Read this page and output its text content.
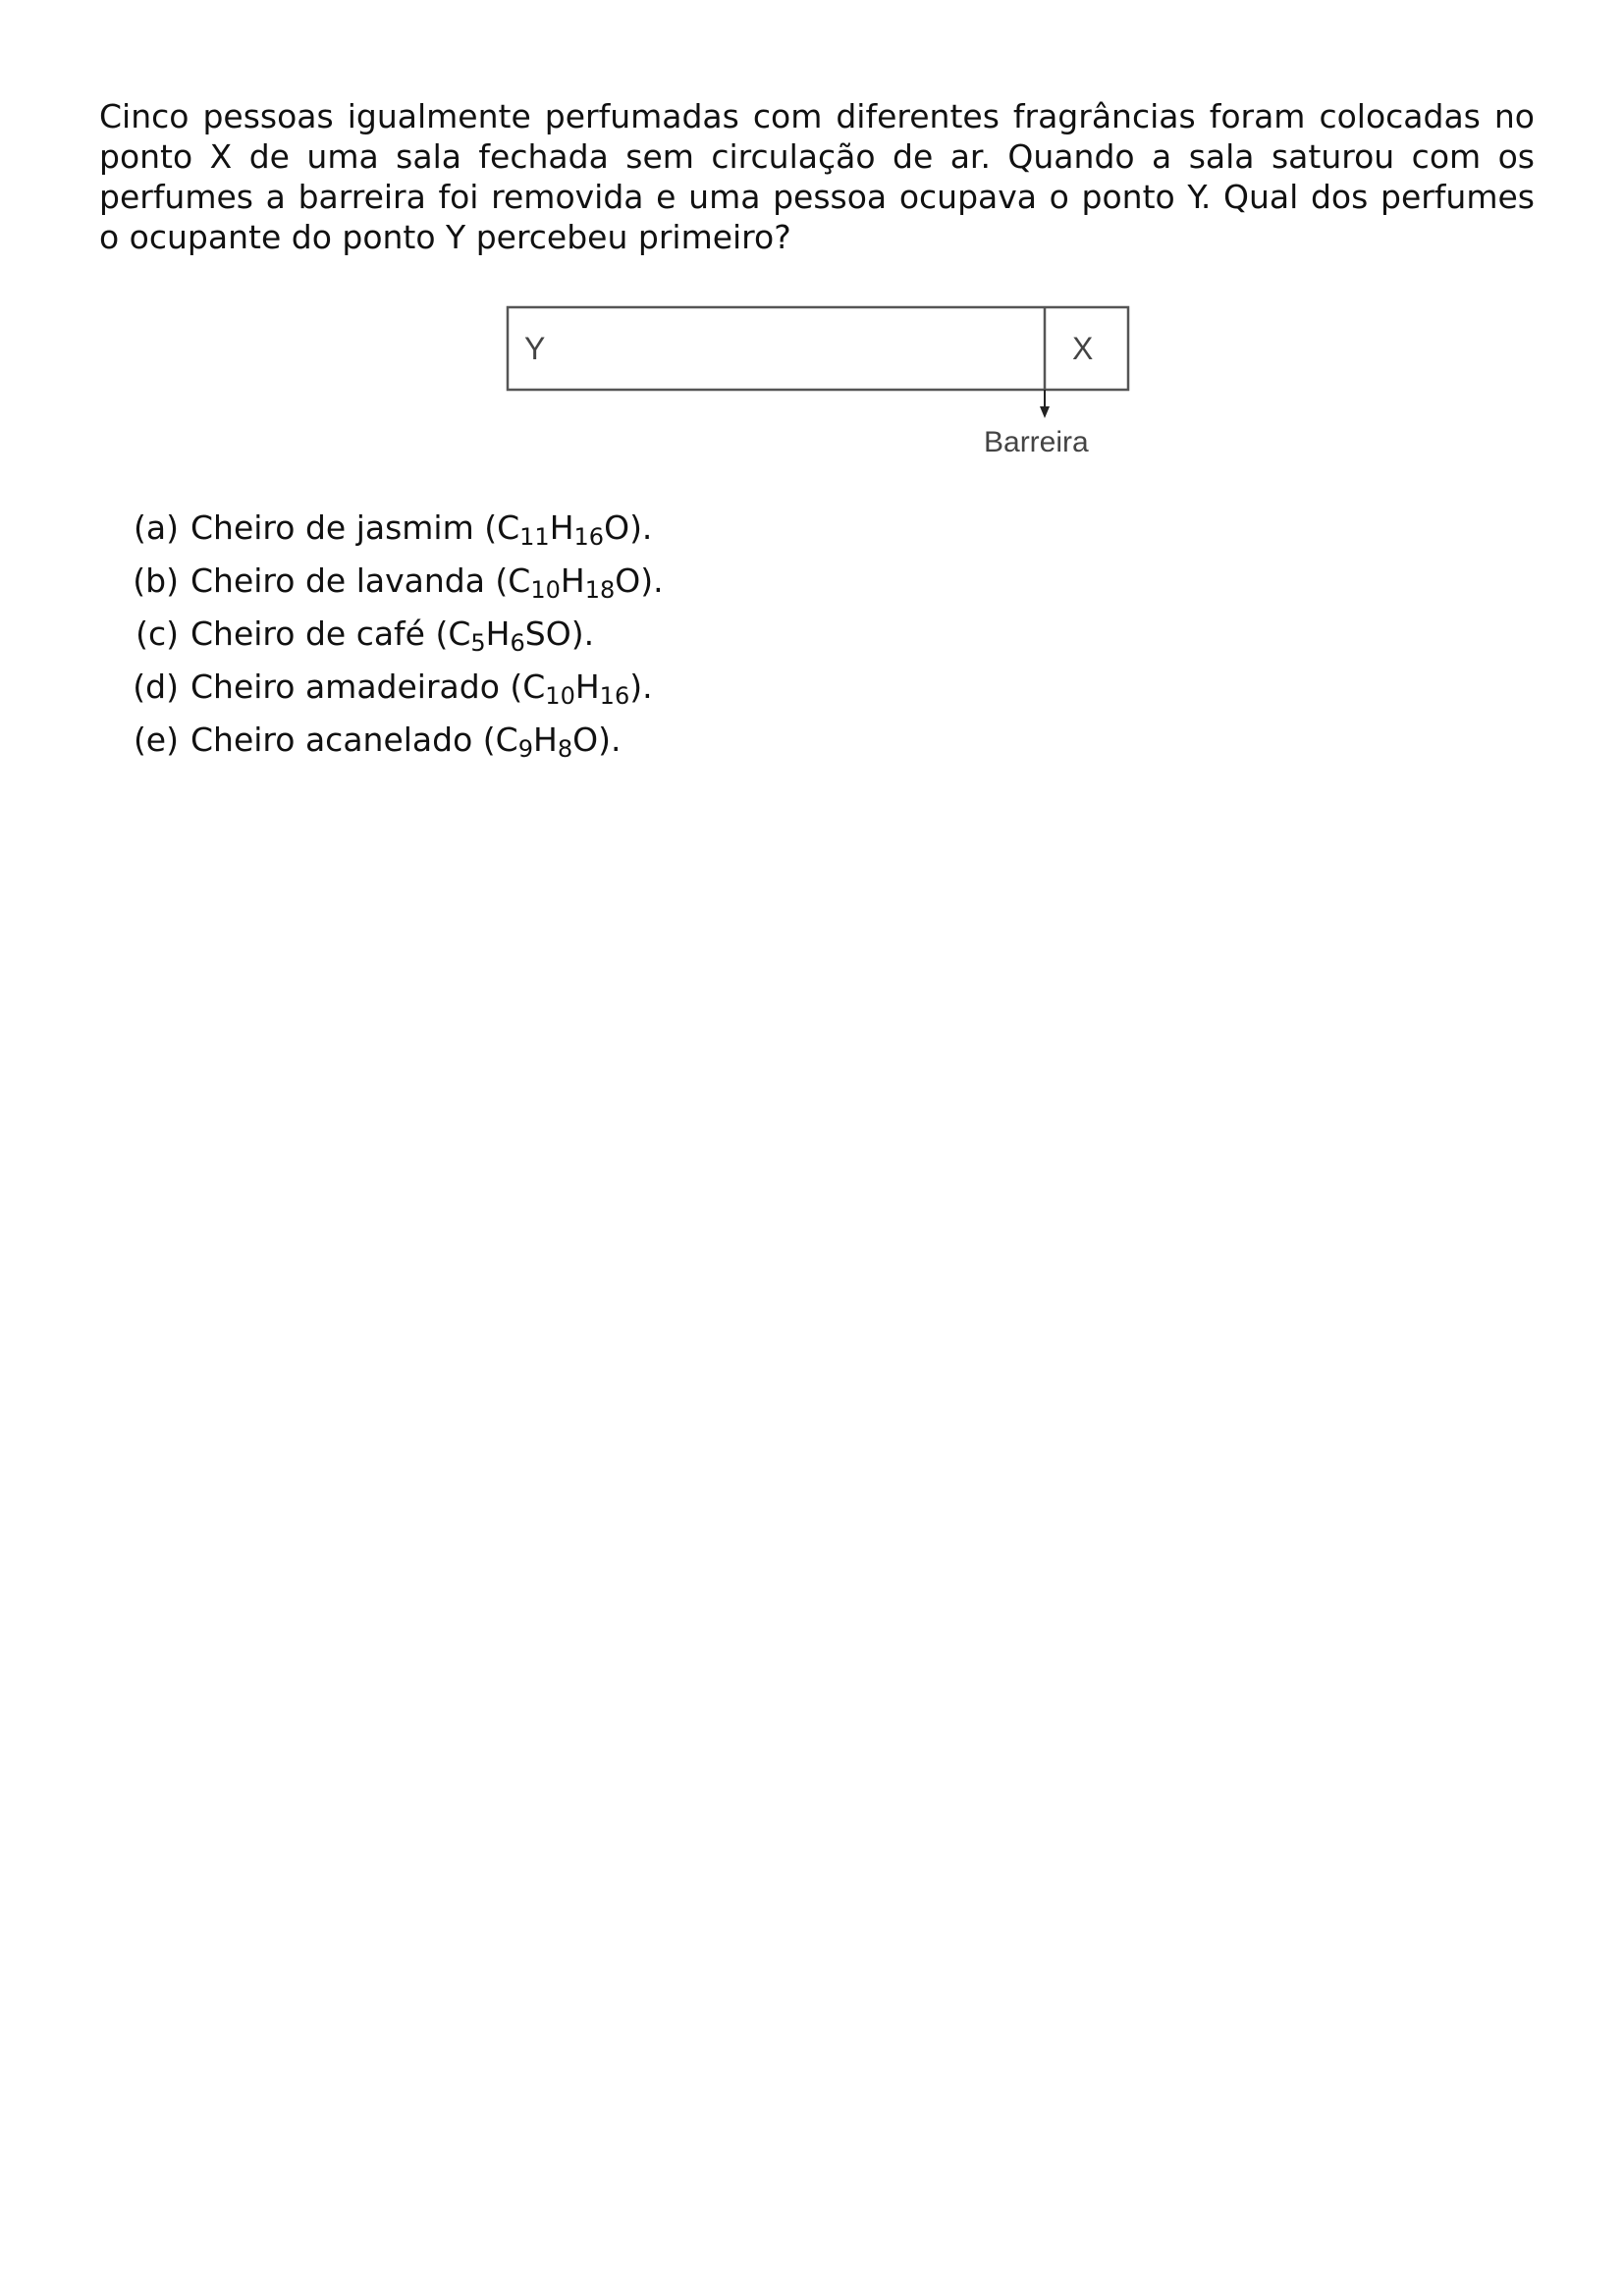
Cinco pessoas igualmente perfumadas com diferentes fragrâncias foram colocadas no ponto X de uma sala fechada sem circulação de ar. Quando a sala saturou com os perfumes a barreira foi removida e uma pessoa ocupava o ponto Y. Qual dos perfumes o ocupante do ponto Y percebeu primeiro?

Y	X
Barreira
(a) Cheiro de jasmim $(C_{11}H_{16}O)$.
(b) Cheiro de lavanda $(C_{10}H_{18}O)$.
(c) Cheiro de café $(C_5H_6SO)$.
(d) Cheiro amadeirado $(C_{10}H_{16})$.
(e) Cheiro acanelado $(C_9H_8O)$.
